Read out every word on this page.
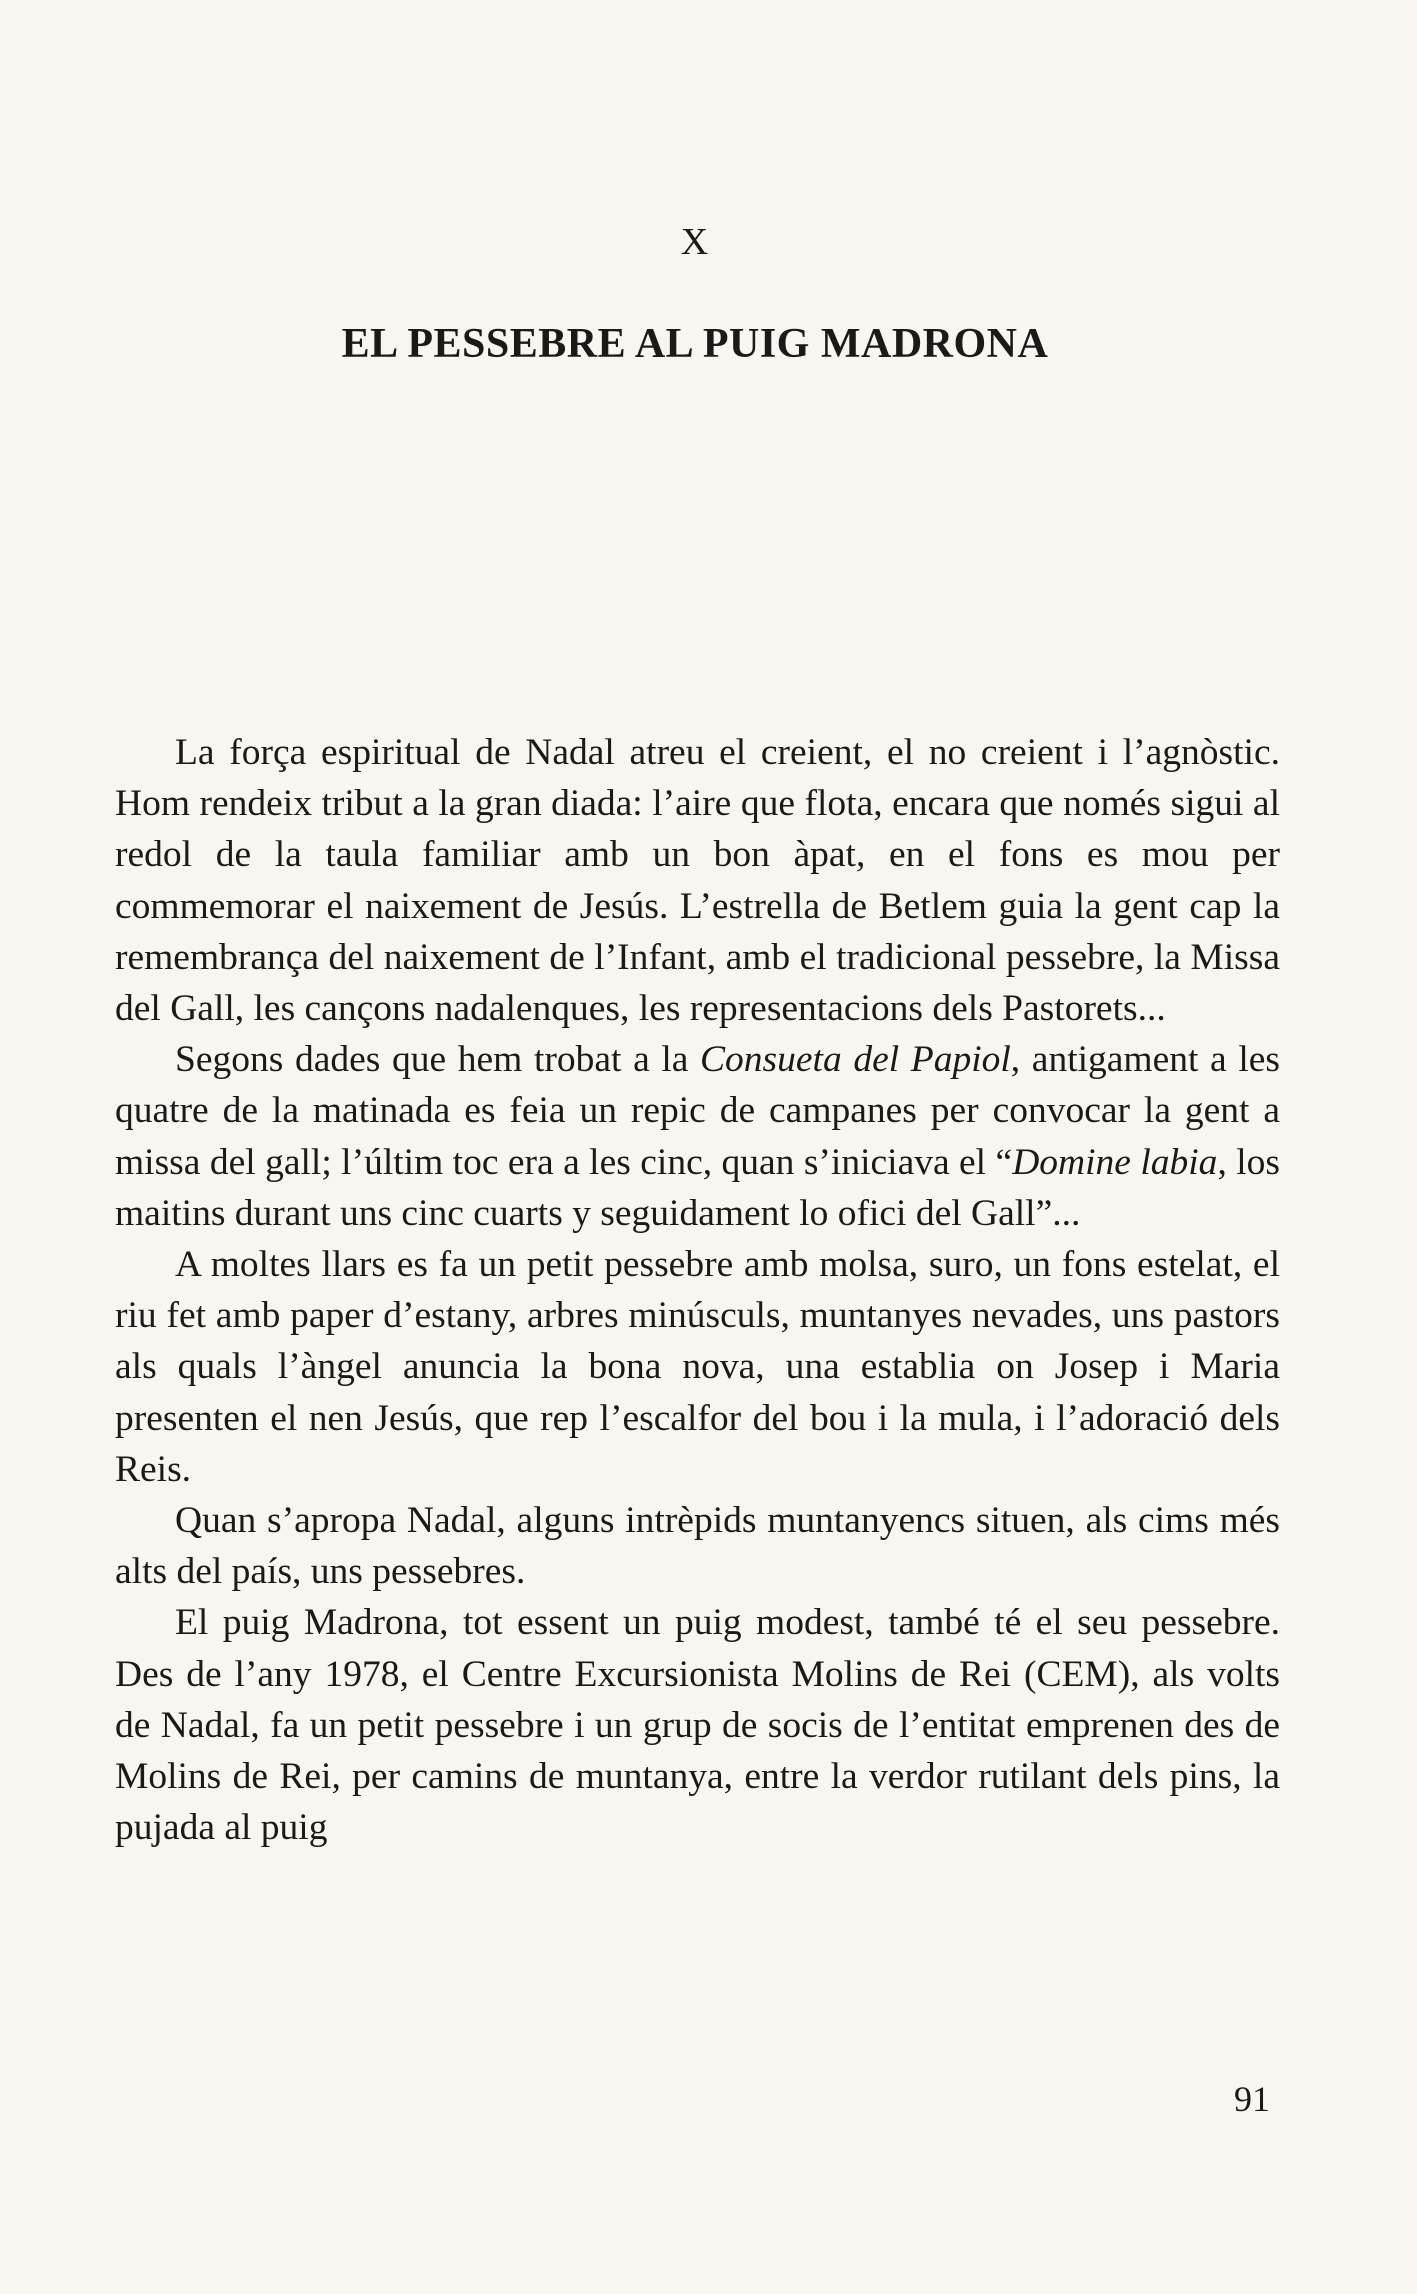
X
EL PESSEBRE AL PUIG MADRONA

La força espiritual de Nadal atreu el creient, el no creient i l’agnòstic. Hom rendeix tribut a la gran diada: l’aire que flota, encara que només sigui al redol de la taula familiar amb un bon àpat, en el fons es mou per commemorar el naixement de Jesús. L’estrella de Betlem guia la gent cap la remembrança del naixement de l’Infant, amb el tradicional pessebre, la Missa del Gall, les cançons nadalenques, les representacions dels Pastorets...

Segons dades que hem trobat a la Consueta del Papiol, antigament a les quatre de la matinada es feia un repic de campanes per convocar la gent a missa del gall; l’últim toc era a les cinc, quan s’iniciava el “Domine labia, los maitins durant uns cinc cuarts y seguidament lo ofici del Gall”...

A moltes llars es fa un petit pessebre amb molsa, suro, un fons estelat, el riu fet amb paper d’estany, arbres minúsculs, muntanyes nevades, uns pastors als quals l’àngel anuncia la bona nova, una establia on Josep i Maria presenten el nen Jesús, que rep l’escalfor del bou i la mula, i l’adoració dels Reis.

Quan s’apropa Nadal, alguns intrèpids muntanyencs situen, als cims més alts del país, uns pessebres.

El puig Madrona, tot essent un puig modest, també té el seu pessebre. Des de l’any 1978, el Centre Excursionista Molins de Rei (CEM), als volts de Nadal, fa un petit pessebre i un grup de socis de l’entitat emprenen des de Molins de Rei, per camins de muntanya, entre la verdor rutilant dels pins, la pujada al puig

91
